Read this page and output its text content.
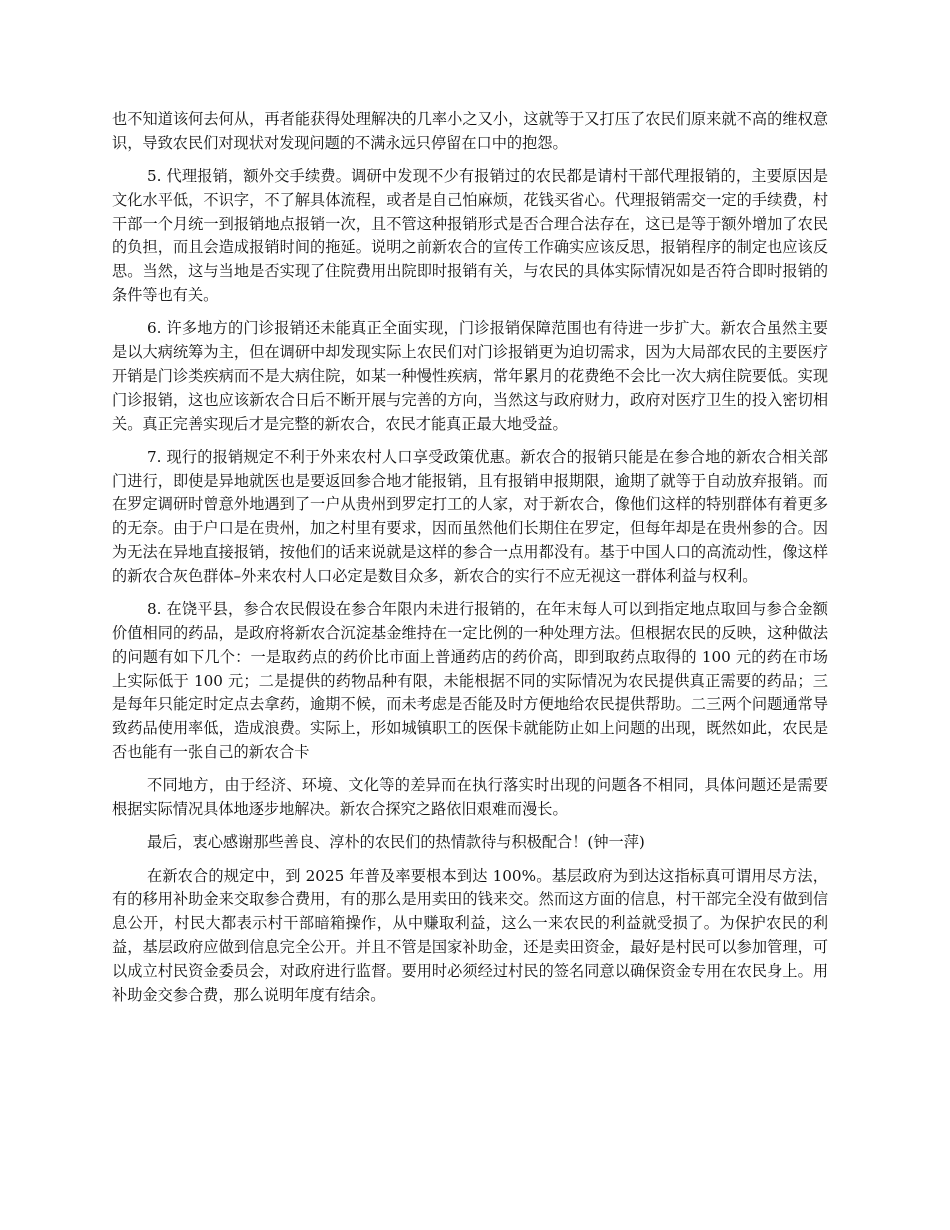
也不知道该何去何从，再者能获得处理解决的几率小之又小，这就等于又打压了农民们原来就不高的维权意识，导致农民们对现状对发现问题的不满永远只停留在口中的抱怨。

5. 代理报销，额外交手续费。调研中发现不少有报销过的农民都是请村干部代理报销的，主要原因是文化水平低，不识字，不了解具体流程，或者是自己怕麻烦，花钱买省心。代理报销需交一定的手续费，村干部一个月统一到报销地点报销一次，且不管这种报销形式是否合理合法存在，这已是等于额外增加了农民的负担，而且会造成报销时间的拖延。说明之前新农合的宣传工作确实应该反思，报销程序的制定也应该反思。当然，这与当地是否实现了住院费用出院即时报销有关，与农民的具体实际情况如是否符合即时报销的条件等也有关。

6. 许多地方的门诊报销还未能真正全面实现，门诊报销保障范围也有待进一步扩大。新农合虽然主要是以大病统筹为主，但在调研中却发现实际上农民们对门诊报销更为迫切需求，因为大局部农民的主要医疗开销是门诊类疾病而不是大病住院，如某一种慢性疾病，常年累月的花费绝不会比一次大病住院要低。实现门诊报销，这也应该新农合日后不断开展与完善的方向，当然这与政府财力，政府对医疗卫生的投入密切相关。真正完善实现后才是完整的新农合，农民才能真正最大地受益。

7. 现行的报销规定不利于外来农村人口享受政策优惠。新农合的报销只能是在参合地的新农合相关部门进行，即使是异地就医也是要返回参合地才能报销，且有报销申报期限，逾期了就等于自动放弃报销。而在罗定调研时曾意外地遇到了一户从贵州到罗定打工的人家，对于新农合，像他们这样的特别群体有着更多的无奈。由于户口是在贵州，加之村里有要求，因而虽然他们长期住在罗定，但每年却是在贵州参的合。因为无法在异地直接报销，按他们的话来说就是这样的参合一点用都没有。基于中国人口的高流动性，像这样的新农合灰色群体–外来农村人口必定是数目众多，新农合的实行不应无视这一群体利益与权利。

8. 在饶平县，参合农民假设在参合年限内未进行报销的，在年末每人可以到指定地点取回与参合金额价值相同的药品，是政府将新农合沉淀基金维持在一定比例的一种处理方法。但根据农民的反映，这种做法的问题有如下几个：一是取药点的药价比市面上普通药店的药价高，即到取药点取得的 100 元的药在市场上实际低于 100 元；二是提供的药物品种有限，未能根据不同的实际情况为农民提供真正需要的药品；三是每年只能定时定点去拿药，逾期不候，而未考虑是否能及时方便地给农民提供帮助。二三两个问题通常导致药品使用率低，造成浪费。实际上，形如城镇职工的医保卡就能防止如上问题的出现，既然如此，农民是否也能有一张自己的新农合卡

不同地方，由于经济、环境、文化等的差异而在执行落实时出现的问题各不相同，具体问题还是需要根据实际情况具体地逐步地解决。新农合探究之路依旧艰难而漫长。

最后，衷心感谢那些善良、淳朴的农民们的热情款待与积极配合！(钟一萍)

在新农合的规定中，到 2025 年普及率要根本到达 100%。基层政府为到达这指标真可谓用尽方法，有的移用补助金来交取参合费用，有的那么是用卖田的钱来交。然而这方面的信息，村干部完全没有做到信息公开，村民大都表示村干部暗箱操作，从中赚取利益，这么一来农民的利益就受损了。为保护农民的利益，基层政府应做到信息完全公开。并且不管是国家补助金，还是卖田资金，最好是村民可以参加管理，可以成立村民资金委员会，对政府进行监督。要用时必须经过村民的签名同意以确保资金专用在农民身上。用补助金交参合费，那么说明年度有结余。
